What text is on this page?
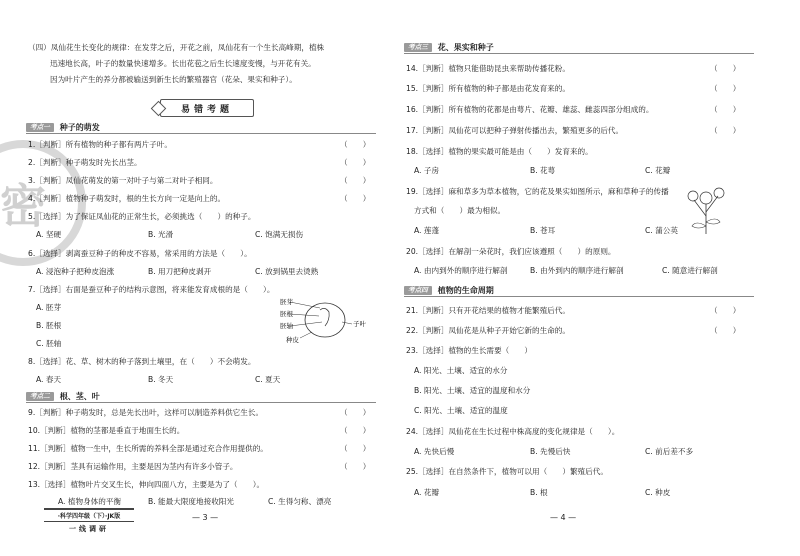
密
（四）凤仙花生长变化的规律：在发芽之后，开花之前，凤仙花有一个生长高峰期，植株
迅速地长高，叶子的数量快速增多。长出花苞之后生长速度变慢，与开花有关。
因为叶片产生的养分都被输送到新生长的繁殖器官（花朵、果实和种子）。
易错考题
考点一	种子的萌发
1.［判断］所有植物的种子都有两片子叶。	（　　）
2.［判断］种子萌发时先长出茎。	（　　）
3.［判断］凤仙花萌发的第一对叶子与第二对叶子相同。	（　　）
4.［判断］植物种子萌发时，根的生长方向一定是向上的。	（　　）
5.［选择］为了保证凤仙花的正常生长，必须挑选（　　）的种子。
A. 坚硬	B. 光滑	C. 饱满无损伤
6.［选择］剥离蚕豆种子的种皮不容易，常采用的方法是（　　）。
A. 浸泡种子把种皮泡涨	B. 用刀把种皮剥开	C. 放到锅里去烫熟
7.［选择］右面是蚕豆种子的结构示意图，将来能发育成根的是（　　）。
A. 胚芽
B. 胚根
C. 胚轴
胚芽
胚根
胚轴	子叶
种皮
8.［选择］花、草、树木的种子落到土壤里，在（　　）不会萌发。
A. 春天	B. 冬天	C. 夏天
考点二	根、茎、叶
9.［判断］种子萌发时，总是先长出叶，这样可以制造养料供它生长。	（　　）
10.［判断］植物的茎都是垂直于地面生长的。	（　　）
11.［判断］植物一生中，生长所需的养料全部是通过充合作用提供的。	（　　）
12.［判断］茎具有运输作用，主要是因为茎内有许多小管子。	（　　）
13.［选择］植物叶片交叉生长，伸向四面八方，主要是为了（　　）。
A. 植物身体的平衡	B. 能最大限度地接收阳光	C. 生得匀称、漂亮
·科学四年级（下）·JK版
一线调研
— 3 —
考点三	花、果实和种子
14.［判断］植物只能借助昆虫来帮助传播花粉。	（　　）
15.［判断］所有植物的种子都是由花发育来的。	（　　）
16.［判断］所有植物的花都是由萼片、花瓣、雄蕊、雌蕊四部分组成的。	（　　）
17.［判断］凤仙花可以把种子弹射传播出去，繁殖更多的后代。	（　　）
18.［选择］植物的果实最可能是由（　　）发育来的。
A. 子房	B. 花萼	C. 花瓣
19.［选择］麻和草多为草本植物，它的花及果实如图所示，麻和草种子的传播
方式和（　　）最为相似。
A. 莲蓬	B. 苍耳	C. 蒲公英
20.［选择］在解剖一朵花时，我们应该遵照（　　）的原则。
A. 由内到外的顺序进行解剖	B. 由外到内的顺序进行解剖	C. 随意进行解剖
考点四	植物的生命周期
21.［判断］只有开花结果的植物才能繁殖后代。	（　　）
22.［判断］凤仙花是从种子开始它新的生命的。	（　　）
23.［选择］植物的生长需要（　　）
A. 阳光、土壤、适宜的水分
B. 阳光、土壤、适宜的温度和水分
C. 阳光、土壤、适宜的温度
24.［选择］凤仙花在生长过程中株高度的变化规律是（　　）。
A. 先快后慢	B. 先慢后快	C. 前后差不多
25.［选择］在自然条件下，植物可以用（　　）繁殖后代。
A. 花瓣	B. 根	C. 种皮
— 4 —
